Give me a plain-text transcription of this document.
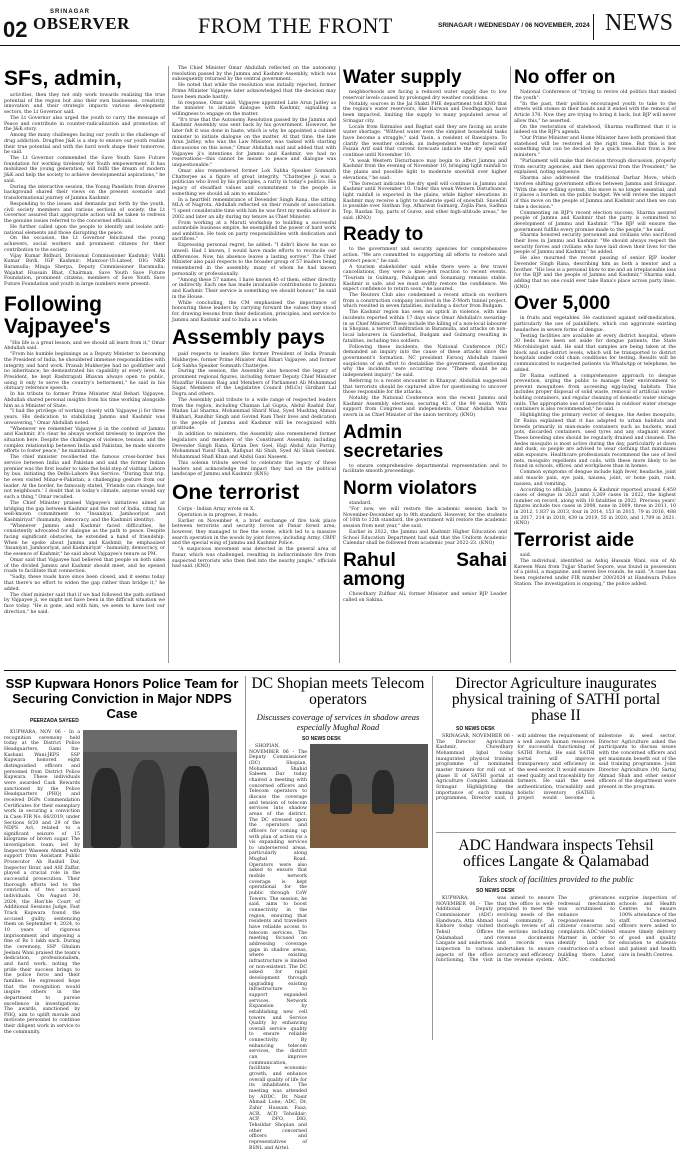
02
SRINAGAR
OBSERVER	FROM THE FRONT	SRINAGAR / WEDNESDAY / 06 NOVEMBER, 2024 NEWS
SFs, admin,

activities, then they not only work towards realizing the true potential of the region but also their own businesses, creativity, innovation and their strategic impacts various development sectors, the Lt Governor said.

The Lt Governor also urged the youth to carry the message of Peace and contribute in counter-radicalization and promotion of the J&K story.

Among the many challenges facing our youth is the challenge of drug addiction. Drugfree J&K is a step to ensure our youth realize their true potential and with the hard work shape their tomorrow, he said.

The Lt Governor commended the Save Youth Save Future foundation for working tirelessly for Youth empowerment. It has mobilized the young generation, will fulfil the dream of modern J&K and help the society to achieve developmental aspirations," he said.

During the interactive session, the Young Panelists from diverse background shared their views on the present scenario and transformational journey of Jammu Kashmir.

Responding to the issues and demands put forth by the youth, civil society members and various sections of society, the Lt Governor assured that appropriate action will be taken to redress the genuine issues referred to the concerned officials.

He further called upon the people to identify and isolate anti-national elements and those disrupting the peace.

On the occasion, the Lt Governor felicitated the young achievers, social workers and prominent citizens for their contribution to the society.

Vijay Kumar Bidhuri, Divisional Commissioner Kashmir; Vidhi Kumar Birdi, IGP Kashmir; Manzoor-Ul-Lateef, DIG NKR Baramulla; Minga Sherpa, Deputy Commissioner Baramulla; Wajahat Hussain Bhat, Chairman, Save Youth Save Future Foundation, prominent citizens, members of Save Youth Save Future Foundation and youth in large numbers were present.

Following Vajpayee's

"His life is a great lesson, and we should all learn from it," Omar Abdullah said.

"From his humble beginnings as a Deputy Minister to becoming the President of India, he shouldered immense responsibilities with integrity and hard work. Pranab Mukherjee had no godfather and no inheritance; he demonstrated his capability at every level. As President, he kept Rashtrapati Bhavan always open to public, using it only to serve the country's betterment," he said in his obituary reference speech.

In his tribute to former Prime Minister Atal Behari Vajpayee, Abdullah shared personal insights from his time working alongside him as a Minister of State.

"I had the privilege of working closely with Vajpayee ji for three years. His dedication to stabilizing Jammu and Kashmir was unwavering," Omar Abdullah noted.

"Whenever we remember Vajpayee ji in the context of Jammu and Kashmir, it's clear he always worked tirelessly to improve the situation here. Despite the challenges of violence, tension, and the complex relationship between India and Pakistan, he made sincere efforts to foster peace," he maintained.

The chief minister recollected the famous cross-border bus service between India and Pakistan and said the former Indian premier was the first leader to take the bold step of visiting Lahore by bus, initiating the Delhi-Lahore Bus Service. "During that trip, he even visited Minar-e-Pakistan, a challenging gesture from our leader. At the border, he famously stated, 'Friends can change, but not neighbours.' I doubt that in today's climate, anyone would say such a thing," Omar recalled.

The Chief Minister praised Vajpayee's initiatives aimed at bridging the gap between Kashmir and the rest of India, citing his well-known commitment to "Insaniyat, Jamhooriyat and Kashmiriyat" (humanity, democracy, and the Kashmiri identity).

"Whenever Jammu and Kashmir faced difficulties, he consistently advocated for dialogue as the path to peace. Despite facing significant obstacles, he extended a hand of friendship. When he spoke about Jammu and Kashmir, he emphasized 'Insaniyat, Jamhooriyat, and Kashmiriyat' - humanity, democracy, or the essence of Kashmir," he said about Vajpayee's tenure as PM.

Omar said that Vajpayee had believed that people on both sides of the divided Jammu and Kashmir should meet, and he opened roads to facilitate that connection.

"Sadly, these roads have since been closed, and it seems today that there's no effort to widen the gap rather than bridge it," he added.

The chief minister said that if we had followed the path outlined by Vajpayee ji, we might not have been in the difficult situation we face today. "He is gone, and with him, we seem to have lost our direction," he said.

The Chief Minister Omar Abdullah reflected on the autonomy resolution passed by the Jammu and Kashmir Assembly, which was subsequently returned by the central government.

He noted that while the resolution was initially rejected, former Prime Minister Vajpayee later acknowledged that the decision may have been made hastily.

In response, Omar said, Vajpayee appointed Late Arun Jaitley as the minister to initiate dialogue with Kashmir, signalling a willingness to engage on the matter.

"It's true that the Autonomy Resolution passed by the Jammu and Kashmir Assembly was sent back by his government. However, he later felt it was done in haste, which is why he appointed a cabinet minister to initiate dialogue on the matter. At that time, the late Arun Jaitley, who was the Law Minister, was tasked with starting discussions on this issue," Omar Abdullah said and added that with Vajpayee ji's intentions for Jammu and Kashmir, we had no reservations—this cannot be meant to peace and dialogue was unquestionable."

Omar also remembered former Lok Sabha Speaker Somnath Chatterjee as a figure of great integrity. "Chatterjee ji was a politician who lived by his principles, a rarity in today's politics. His legacy of steadfast values and commitment to the people is something we should all aim to emulate."

In a heartfelt remembrance of Devender Singh Rana, the sitting MLA of Nagrota, Abdullah reflected on their rounds of association. "I spent considerable time with him he was first my media advisor in 2002 and later an ally during my tenure as Chief Minister.

From working at a Maruti workshop to building a successful automobile business empire, he exemplified the power of hard work and ambition. He took on party responsibilities with dedication and sacrifices."

Expressing personal regret, he added: "I didn't know he was so unwell. Had I known, I would have made efforts to reconcile our differences. Now, his absence leaves a lasting sorrow." The Chief Minister also paid respects to the broader group of 57 leaders being remembered in the assembly, many of whom he had known personally or professionally.

"Among these 57 names, I have known 45 of them, either directly or indirectly. Each one has made invaluable contributions to Jammu and Kashmir. Their service is something we should honour," he said in the House.

While concluding, the CM emphasised the importance of honouring these leaders by carrying forward the values they stood for, drawing lessons from their dedication, principles, and service to Jammu and Kashmir and to India as a whole.

Assembly pays

paid respects to leaders like former President of India Pranab Mukherjee, former Prime Minister Atal Bihari Vajpayee, and former Lok Sabha Speaker Somnath Chatterjee.

During the session, the Assembly also honored the legacy of prominent regional figures, including former Deputy Chief Minister Muzaffar Hussain Baig and Members of Parliament Ali Mohammad Sagar, Members of the Legislative Council (MLCs) Girdhari Lal Dogra and others.

The Assembly paid tribute to a wide range of respected leaders from the region, including Chaman Lal Gupta, Abdul Rashid Dar, Madan Lal Sharma, Mohammad Sharif Niaz, Syed Mushtaq Ahmad Bukhari, Randhir Singh and Govind Ram Their lives and dedication to the people of Jammu and Kashmir will be recognized with gratitude.

In addition to ministers, the Assembly also remembered former legislators and members of the Constituent Assembly, including Devender Singh Rana, Kirtan Dev Goel, Haji Abdul Aziz Parray, Mohammad Yusuf Shah, Rafiquat Ali Shah, Syed Ali Shah Geelani, Mohammad Shafi Khan and Abdul Gani Naseem.

This solemn tribute served to celebrate the legacy of these leaders and acknowledge the impact they had on the political landscape of Jammu and Kashmir. (KNS)

One terrorist

Corps - Indian Army wrote on X.

Operation is in progress, it reads.

Earlier on November 4, a brief exchange of fire took place between terrorists and security forces at Panar forest area; however, they managed to flee the scene, which led to a massive search operation in the woods by joint forces, including Army, CRPF and the special wing of Jammu and Kashmir Police.

"A suspicious movement was detected in the general area of Panar, which was challenged, resulting in indiscriminate fire from suspected terrorists who then fled into the nearby jungle," officials had said. (KNO)

Water supply

neighborhoods are facing a reduced water supply due to low reservoir levels caused by prolonged dry weather conditions.

Notably, sources in the Jal Shakti PHE department told KNO that the region's water reservoirs, like Harwan and Doodhganga, have been impacted, limiting the supply to many populated areas of Srinagar city.

Locals from Batmaloo and Baghat said they are facing an acute water shortage. "Without water even the simplest household tasks have become a struggle," said Yasin, a resident of Rawalpora. To clarify the weather outlook, an independent weather forecaster Faizan Arif said that current forecasts indicate the dry spell will continue until November 10.

"A weak Western Disturbance may begin to affect Jammu and Kashmir from the evening of November 10, bringing light rainfall to the plains and possible light to moderate snowfall over higher elevations," he said.

"The forecast indicates the dry spell will continue in Jammu and Kashmir until November 10. Under this weak Western Disturbance, light rainfall is expected in the plains, while higher elevations in Kashmir may receive a light to moderate spell of snowfall. Snowfall is possible over Sinthan Top, Afharwat Gulmarg, Zojila Pass, Sadhna Top, Razdan Top, parts of Gurez, and other high-altitude areas," he said. (KNO)

Ready to

to the government and security agencies for comprehensive action. "We are committed to supporting all efforts to restore and protect peace," he said.

A tourism stakeholder said while there were a few travel cancellations, they were a knee-jerk reaction to recent events. "Tourism in Gulmarg, Pahalgam and Sonamarg remains stable. Kashmir is safe, and we must swiftly restore the confidence. We expect confidence to return soon," he assured.

The Reuters Club also condemned a recent attack on workers from a construction company involved in the Z-Morh tunnel project, which resulted in seven fatalities, including a doctor from Budgam.

The Kashmir region has seen an uptick in violence, with nine incidents reported within 17 days since Omar Abdullah's swearing-in as Chief Minister. These include the killing of a non-local labourer in Shopian, a terrorist infiltration in Baramulla, and attacks on non-local labourers in Ganderbal, Budgam and Gulmarg resulting in fatalities, including two soldiers.

Following these incidents, the National Conference (NC) demanded an inquiry into the cause of these attacks since the government's formation. NC president Farooq Abdullah raised suspicions of an effort to destabilize the government, questioning why the incidents were occurring now. "There should be an independent inquiry," he said.

Referring to a recent encounter in Khanyar, Abdullah suggested that terrorists should be captured alive for questioning to uncover those responsible for the attacks.

Notably, the National Conference won the recent Jammu and Kashmir Assembly elections, securing 42 of the 90 seats. With support from Congress and independents, Omar Abdullah was sworn in as Chief Minister of the union territory. (KNO)

Admin secretaries

to ensure comprehensive departmental representation and to facilitate smooth proceedings.

Norm violators

standard.

"For now, we will restore the academic session back to November-December up to 9th standard. However, for the students of 10th to 12th standard, the government will restore the academic session from next year," she said.

Earlier in 2022, the Jammu and Kashmir Higher Education and School Education Department had said that the Uniform Academic Calendar shall be followed from academic year 2022-23. (KNO)

Rahul Sahai among

Chowdhary Zulfkar Ali, former Minister and senior BJP Leader called on Sakina.

No offer on

National Conference of "trying to revive old politics that misled the youth".

"In the past, their politics encouraged youth to take to the streets with stones in their hands and it ended with the removal of Article 370. Now they are trying to bring it back, but BJP will never allow this," he asserted.

On the restoration of statehood, Sharma reaffirmed that it is indeed on the BJP's agenda.

"Our Prime Minister and Home Minister have both promised that statehood will be restored at the right time. But this is not something that can be decided by a quick resolution from a few ministers."

"Parliament will make that decision through discussion, properly from security agencies, and then approval from the President," he explained, noting sequence.

Sharma also addressed the traditional Darbar Move, which involves shifting government offices between Jammu and Srinagar. "With the new e-filing system, this move is no longer essential, and it places a burden on the public budget. We will review the impact of this move on the people of Jammu and Kashmir and then we can take a decision."

Commenting on BJP's recent election success, Sharma assured people of Jammu and Kashmir that the party is committed to development of Jammu and Kashmir. "The BJP will ensure the government fulfills every promise made to the people," he said.

Sharma honored security personnel and civilians who sacrificed their lives in Jammu and Kashmir. "We should always respect the security forces and civilians who have laid down their lives for the people of Jammu and Kashmir," he added.

He also mourned the recent passing of senior BJP leader Devender Singh Rana, describing him as both a mentor and a brother. "His loss is a personal blow to me and an irreplaceable loss for the BJP and the people of Jammu and Kashmir," Sharma said, adding that no one could ever take Rana's place across party lines. (KNO)

Over 5,000

in fruits and vegetables. He cautioned against self-medication, particularly the use of painkillers, which can aggravate existing headaches in severe forms of dengue.

Testing facilities are available at every district hospital, where 30 beds have been set aside for dengue patients, the State Microbiologist said. He said that samples are being taken at the block and sub-district levels, which will be transported to district hospitals under cold chain conditions for testing. Results will be communicated to suspected patients via WhatsApp or telephone, he added.

Dr Raina outlined a comprehensive approach to dengue prevention, urging the public to manage their environment to prevent mosquitoes from accessing egg-laying habitats. This includes proper disposal of solid waste, removal of artificial water-holding containers, and regular cleaning of domestic water storage units. The appropriate use of insecticides in outdoor water storage containers is also recommended," he said.

Highlighting the primary vector of dengue, the Aedes mosquito, Dr Raina explained that it has adapted to urban habitats and breeds primarily in man-made containers such as buckets, mud pots, discarded containers, used tyres and any stagnant water. These breeding sites should be regularly drained and cleaned. The Aedes mosquito is most active during the day, particularly at dawn and dusk, so people are advised to wear clothing that minimizes skin exposure. Healthcare professionals recommend the use of bed nets, mosquito repellents and coils, with these more likely to be found in schools, offices, and workplaces than in homes.

Common symptoms of dengue include high fever, headache, joint and muscle pain, eye pain, nausea, joint, or bone pain, rash, nausea, and vomiting.

According to officials, Jammu & Kashmir reported around 6,459 cases of dengue in 2023 and 3,269 cases in 2022, the highest number on record, along with 18 fatalities in 2022. Previous years' figures include two cases in 2008, none in 2009, three in 2011, 10 in 2012, 1,837 in 2013, four in 2014, 153 in 2015, 79 in 2016, 488 in 2017, 214 in 2018, 439 in 2019, 55 in 2020, and 1,709 in 2021. (KNO)

Terrorist aide

said.

The individual, identified as Ashiq Hussain Wani, son of Ab Kareem Wani from Tujjar Sharief Sopore, was found in possession of a pistol, a magazine, and seven live rounds, he said. "A case has been registered under FIR number 200/2024 at Handwara Police Station. The investigation is ongoing," the police added.

SSP Kupwara Honors Police Team for Securing Conviction in Major NDPS Case
PEERZADA SAYEED

KUPWARA, NOV 06 - In a recognition ceremony held today at the District Police Headquarters, Gami Ins-Kashani Wani-JKPS SSP Kupwara honored eight distinguished officers and personnel from District Police Kupwara. These individuals were awarded Cash Rewards sanctioned by the Police Headquarters (PHQ) and received DGPs Commendation Certificates for their exemplary work in securing a conviction in Case FIR No. 66/2019, under Sections 8/20 and 29 of the NDPS Act, related to a significant seizure of 15 kilograms of brown sugar. The investigation team, led by Inspector Waseem Ahmad with support from Assistant Public Prosecutor Ab Rashid Dar, Inspector Ibrar, and ASI Zaffar, played a crucial role in the successful prosecution. Their thorough efforts led to the conviction of two accused individuals. On August 30, 2024, the Hon'ble Court of Additional Sessions Judge, Fast Track Kupwara found the accused guilty, sentencing them on September 4, 2024, to 10 years of rigorous imprisonment and imposing a fine of Rs 1 lakh each. During the ceremony, SSP Ghulam Jeelani Wani praised the team's dedication, professionalism, and hard work, noting the pride their success brings to the police force and their families. He expressed hope that the recognition would inspire others in the department to pursue excellence in investigations. The awards, sanctioned by PHQ, aim to uplift morale and motivate personnel to continue their diligent work in service to the community.

DC Shopian meets Telecom operators
Discusses coverage of services in shadow areas especially Mughal Road
SO NEWS DESK

SHOPIAN, NOVEMBER 06 - The Deputy Commissioner (DC) Shopian, Mohammad Shahid Saleem Dar today chaired a meeting with concerned officers and Telecom operators to discuss the coverage and tension of telecom services into shadow areas of the district. The DC stressed upon the operators and officers for coming up with plan of action vis a vis expanding services to underserved areas, particularly along Mughal Road. Operators were also asked to ensure that mobile network coverage is kept operational for the public through CoW Towers. The session, he said, aims to boost connectivity in the region, ensuring that residents and travellers have reliable access to telecom services. The meeting focused on addressing coverage gaps in shadow areas, where existing infrastructure is limited or non-existent. The DC asked for rapid development through upgrading existing infrastructure to support expanded services. Network Expansion by establishing new cell towers and Service Quality by enhancing overall service quality to ensure reliable connectivity. By enhancing telecom services, the district can improve communication, facilitate economic growth, and enhance overall quality of life for its inhabitants. The meeting was attended by ADDC, Dr. Nasir Ahmad Lone; ADC, Dr. Zahir Hussain Faaz; ACR, ACD Tehsildar; ACP, DFO, DIO, Tehsildar Shopian and other concerned officers and representatives of BSNL and Airtel.

Director Agriculture inaugurates physical training of SATHI portal phase II
SO NEWS DESK

SRINAGAR, NOVEMBER 06 - The Director Agriculture Kashmir, Chowdhary Mohammad Iqbal today inaugurated physical training programme of nominated master trainers for roll out of phase II of SATHI portal at Agriculture Complex Lalmandi Srinagar. Highlighting the importance of such training programmes, Director said, it will address the requirement of a well aware human resources for successful functioning of SATHI Portal. He said SATHI portal will improve transparency and efficiency in the seed sector. It would ensure seed quality and traceability for farmers. He said the seed authentication, traceability and holistic inventory (SATHI) project would become a milestone in seed sector. Director Agriculture asked the participants to discuss issues with the concerned officers and get maximum benefit out of the said training programme. Joint Director Agriculture (M) Sartaj Ahmad Shah and other senior officers of the department were present in the program.

ADC Handwara inspects Tehsil offices Langate & Qalamabad
Takes stock of facilities provided to the public
SO NEWS DESK

KUPWARA, NOVEMBER 06 - The Additional Deputy Commissioner (ADC) Handwara, Atta Ahmad Kishore today visited Tehsil Offices Qalamabad and Langate and undertook inspection to various aspects of the office functioning. The visit was aimed to ensure that the office is well-prepared to meet the evolving needs of the local community. A thorough review of all the sections including revenue documents and records was undertaken to ensure accuracy and efficiency in the revenue system. The grievances redressal mechanism was scrutinised to enhance responsiveness to citizens' concerns and complaints. ADC visited Marmer in order to identify land for construction of a school building there. Later, ADC conducted surprise inspection of schools and Health Centres to ensure 100% attendance of the staff. Concerned officers were asked to ensure timely delivery of good and quality education to students and patient and health care in health Centres.
